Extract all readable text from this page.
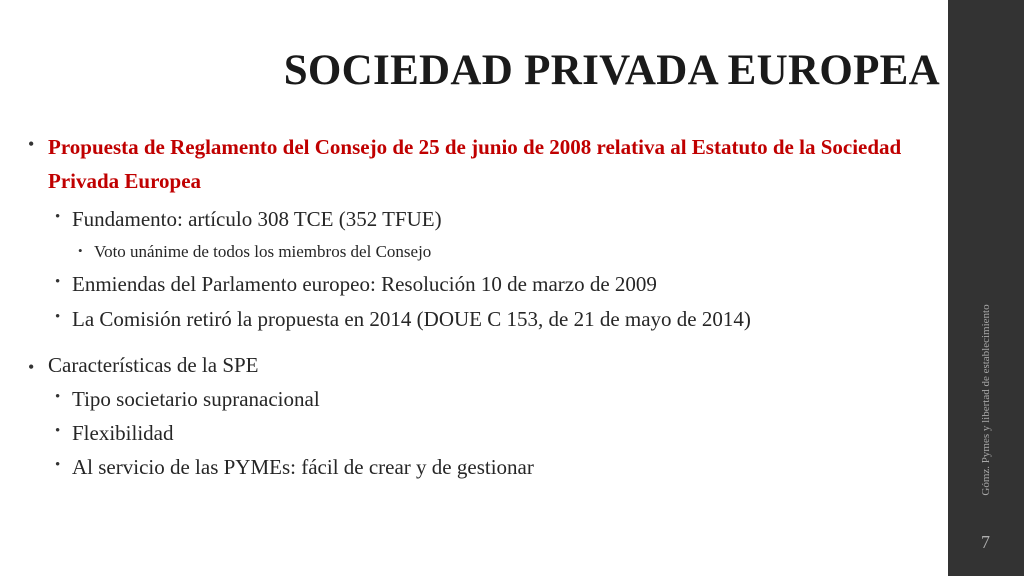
SOCIEDAD PRIVADA EUROPEA
Gómz. Pymes y libertad de establecimiento
7
• Propuesta de Reglamento del Consejo de 25 de junio de 2008 relativa al Estatuto de la Sociedad Privada Europea
• Fundamento: artículo 308 TCE (352 TFUE)
• Voto unánime de todos los miembros del Consejo
• Enmiendas del Parlamento europeo: Resolución 10 de marzo de 2009
• La Comisión retiró la propuesta en 2014 (DOUE C 153, de 21 de mayo de 2014)
• Características de la SPE
• Tipo societario supranacional
• Flexibilidad
• Al servicio de las PYMEs: fácil de crear y de gestionar
